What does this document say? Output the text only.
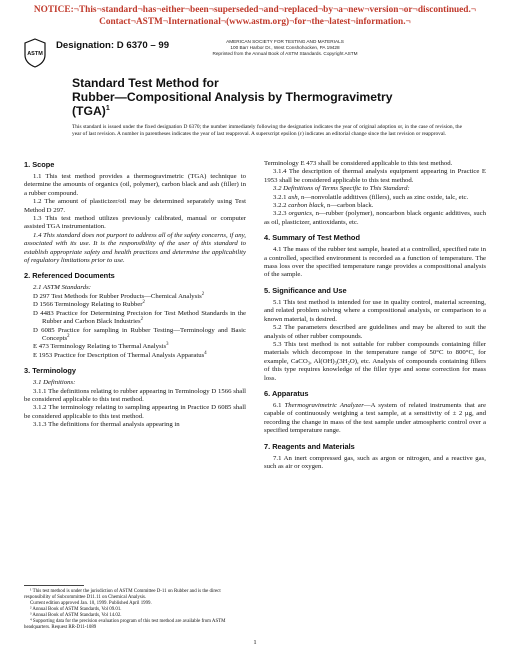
NOTICE:¬This¬standard¬has¬either¬been¬superseded¬and¬replaced¬by¬a¬new¬version¬or¬discontinued.¬ Contact¬ASTM¬International¬(www.astm.org)¬for¬the¬latest¬information.¬
ASTM
Designation: D 6370 – 99	AMERICAN SOCIETY FOR TESTING AND MATERIALS
100 Barr Harbor Dr., West Conshohocken, PA 19428
Reprinted from the Annual Book of ASTM Standards. Copyright ASTM
Standard Test Method for
Rubber—Compositional Analysis by Thermogravimetry
(TGA)$^1$
This standard is issued under the fixed designation D 6370; the number immediately following the designation indicates the year of original adoption or, in the case of revision, the year of last revision. A number in parentheses indicates the year of last reapproval. A superscript epsilon (ε) indicates an editorial change since the last revision or reapproval.
1. Scope

1.1 This test method provides a thermogravimetric (TGA) technique to determine the amounts of organics (oil, polymer), carbon black and ash (filler) in a rubber compound.

1.2 The amount of plasticizer/oil may be determined separately using Test Method D 297.

1.3 This test method utilizes previously calibrated, manual or computer assisted TGA instrumentation.

1.4 This standard does not purport to address all of the safety concerns, if any, associated with its use. It is the responsibility of the user of this standard to establish appropriate safety and health practices and determine the applicability of regulatory limitations prior to use.

2. Referenced Documents

2.1 ASTM Standards:

D 297 Test Methods for Rubber Products—Chemical Analysis$^2$

D 1566 Terminology Relating to Rubber$^2$

D 4483 Practice for Determining Precision for Test Method Standards in the Rubber and Carbon Black Industries$^2$

D 6085 Practice for sampling in Rubber Testing—Terminology and Basic Concepts$^2$

E 473 Terminology Relating to Thermal Analysis$^3$

E 1953 Practice for Description of Thermal Analysis Apparatus$^4$

3. Terminology

3.1 Definitions:

3.1.1 The definitions relating to rubber appearing in Terminology D 1566 shall be considered applicable to this test method.

3.1.2 The terminology relating to sampling appearing in Practice D 6085 shall be considered applicable to this test method.

3.1.3 The definitions for thermal analysis appearing in

Terminology E 473 shall be considered applicable to this test method.

3.1.4 The description of thermal analysis equipment appearing in Practice E 1953 shall be considered applicable to this test method.

3.2 Definitions of Terms Specific to This Standard:

3.2.1 ash, n—nonvolatile additives (fillers), such as zinc oxide, talc, etc.

3.2.2 carbon black, n—carbon black.

3.2.3 organics, n—rubber (polymer), noncarbon black organic additives, such as oil, plasticizer, antioxidants, etc.

4. Summary of Test Method

4.1 The mass of the rubber test sample, heated at a controlled, specified rate in a controlled, specified environment is recorded as a function of temperature. The mass loss over the specified temperature range provides a compositional analysis of the sample.

5. Significance and Use

5.1 This test method is intended for use in quality control, material screening, and related problem solving where a compositional analysis, or comparison to a known material, is desired.

5.2 The parameters described are guidelines and may be altered to suit the analysis of other rubber compounds.

5.3 This test method is not suitable for rubber compounds containing filler materials which decompose in the temperature range of 50°C to 800°C, for example, CaCO₃, Al(OH)₃(3H₂O), etc. Analysis of compounds containing fillers of this type requires knowledge of the filler type and some correction for mass loss.

6. Apparatus

6.1 Thermogravimetric Analyzer—A system of related instruments that are capable of continuously weighing a test sample, at a sensitivity of ± 2 µg, and recording the change in mass of the test sample under atmospheric control over a specified temperature range.

7. Reagents and Materials

7.1 An inert compressed gas, such as argon or nitrogen, and a reactive gas, such as air or oxygen.

¹ This test method is under the jurisdiction of ASTM Committee D-11 on Rubber and is the direct responsibility of Subcommittee D11.11 on Chemical Analysis.

Current edition approved Jan. 10, 1999. Published April 1999.

² Annual Book of ASTM Standards, Vol 09.01.

³ Annual Book of ASTM Standards, Vol 14.02.

⁴ Supporting data for the precision evaluation program of this test method are available from ASTM headquarters. Request RR-D11-1089

1
